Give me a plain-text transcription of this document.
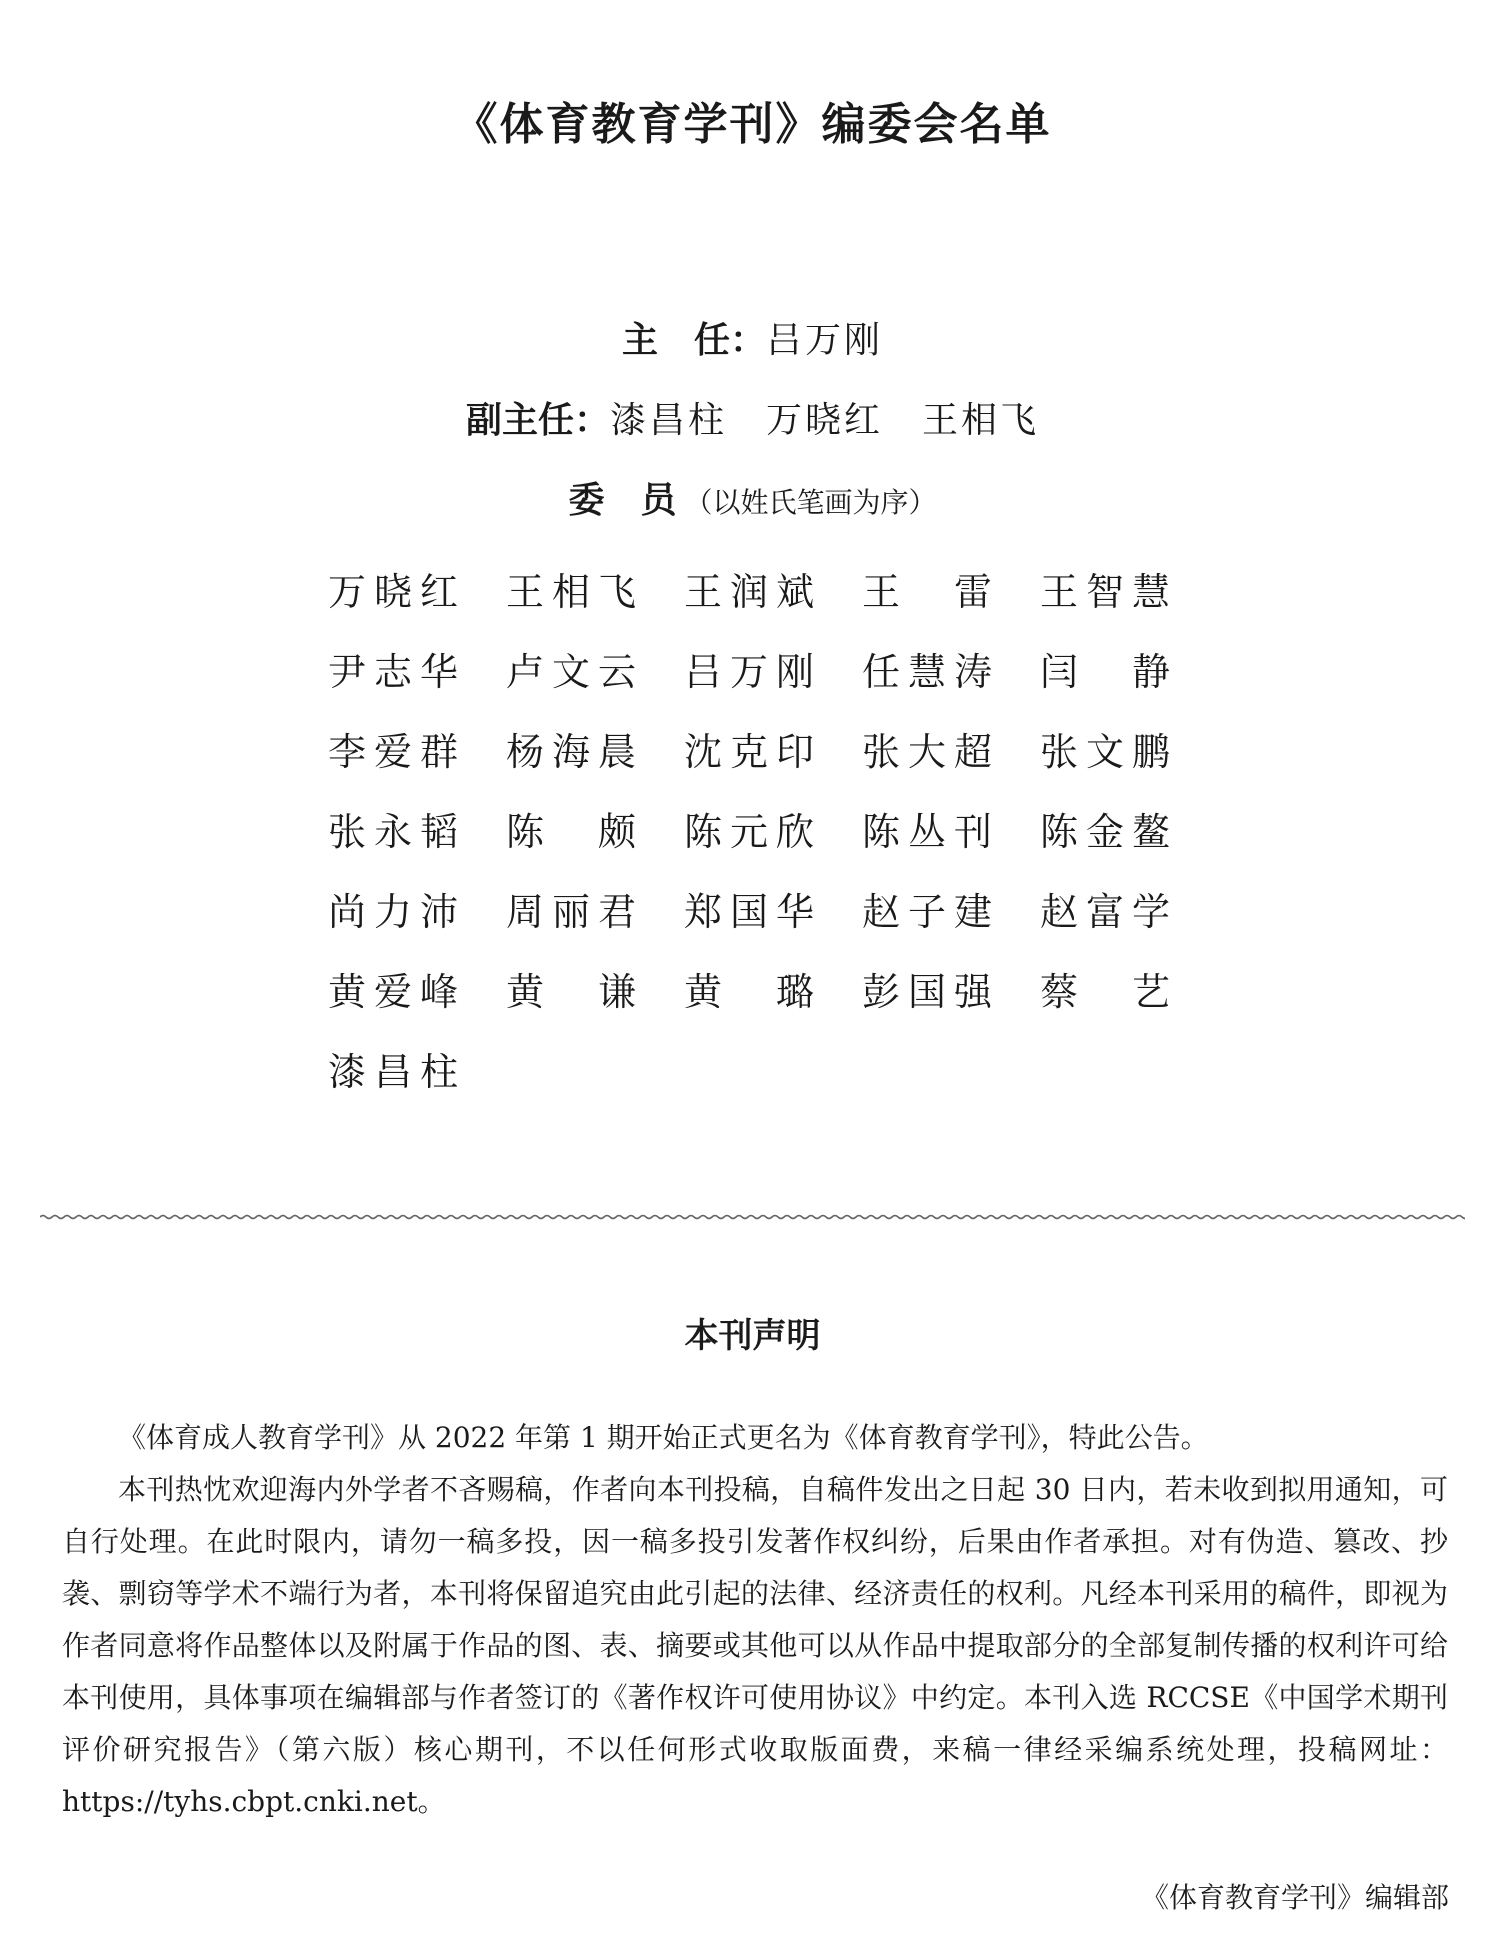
《体育教育学刊》编委会名单
主　任：吕万刚
副主任：漆昌柱　万晓红　王相飞
委　员 （以姓氏笔画为序）
万晓红 王相飞 王润斌 王雷 王智慧
尹志华 卢文云 吕万刚 任慧涛 闫静
李爱群 杨海晨 沈克印 张大超 张文鹏
张永韬 陈颇 陈元欣 陈丛刊 陈金鳌
尚力沛 周丽君 郑国华 赵子建 赵富学
黄爱峰 黄谦 黄璐 彭国强 蔡艺
漆昌柱
本刊声明

《体育成人教育学刊》从 2022 年第 1 期开始正式更名为《体育教育学刊》，特此公告。

本刊热忱欢迎海内外学者不吝赐稿，作者向本刊投稿，自稿件发出之日起 30 日内，若未收到拟用通知，可自行处理。在此时限内，请勿一稿多投，因一稿多投引发著作权纠纷，后果由作者承担。对有伪造、篡改、抄袭、剽窃等学术不端行为者，本刊将保留追究由此引起的法律、经济责任的权利。凡经本刊采用的稿件，即视为作者同意将作品整体以及附属于作品的图、表、摘要或其他可以从作品中提取部分的全部复制传播的权利许可给本刊使用，具体事项在编辑部与作者签订的《著作权许可使用协议》中约定。本刊入选 RCCSE《中国学术期刊评价研究报告》（第六版）核心期刊，不以任何形式收取版面费，来稿一律经采编系统处理，投稿网址：https://tyhs.cbpt.cnki.net。

《体育教育学刊》编辑部
